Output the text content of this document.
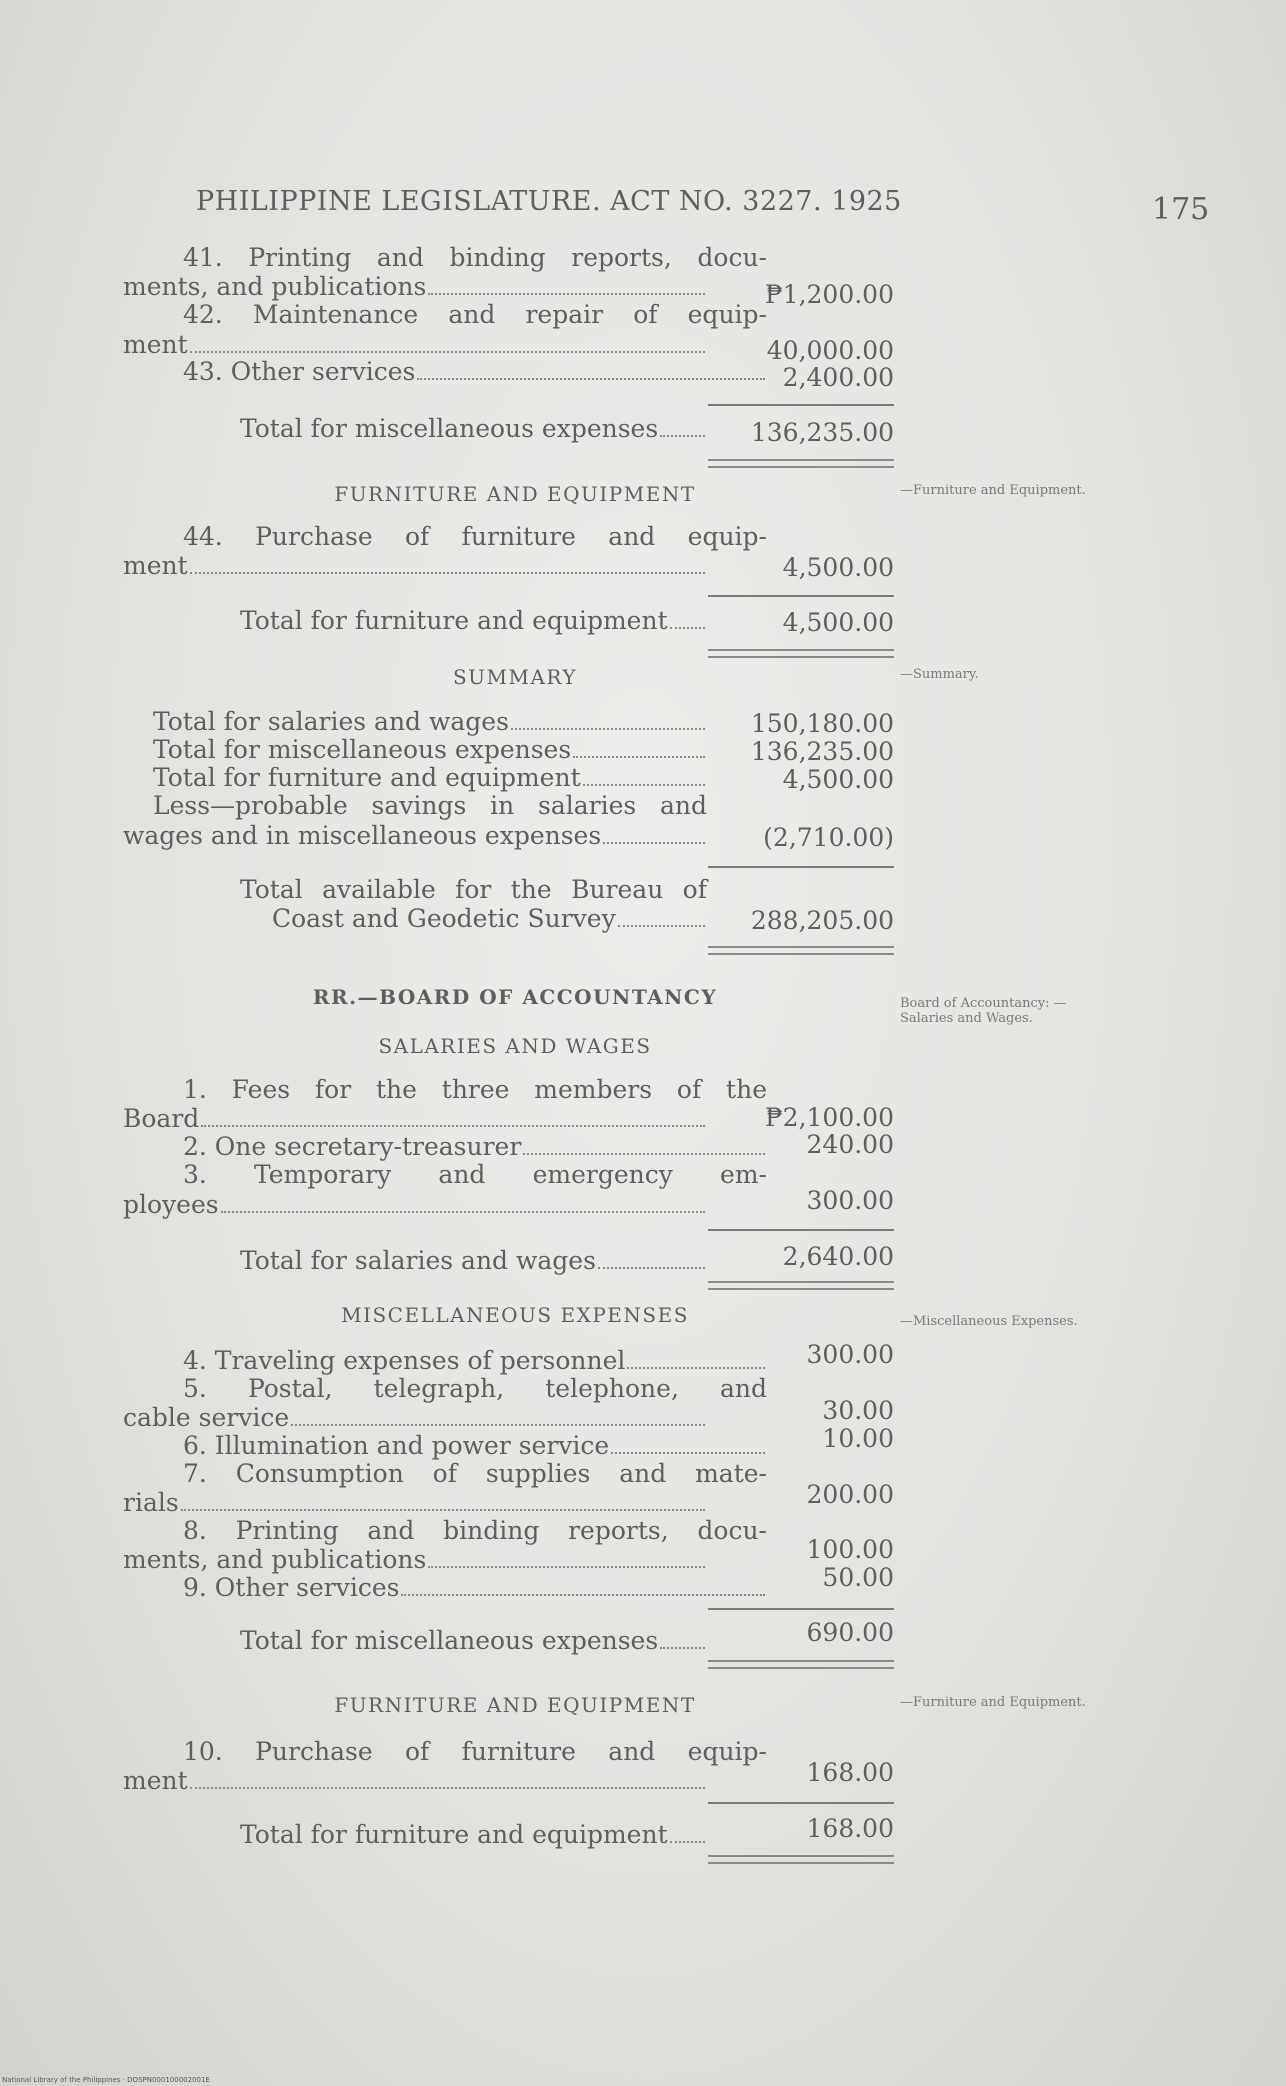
PHILIPPINE LEGISLATURE. ACT NO. 3227. 1925	175
41. Printing and binding reports, docu-
ments, and publications	₱1,200.00
42. Maintenance and repair of equip-
ment	40,000.00
43. Other services	2,400.00
Total for miscellaneous expenses	136,235.00
FURNITURE AND EQUIPMENT	—Furniture and Equipment.
44. Purchase of furniture and equip-
ment	4,500.00
Total for furniture and equipment	4,500.00
SUMMARY	—Summary.
Total for salaries and wages	150,180.00
Total for miscellaneous expenses	136,235.00
Total for furniture and equipment	4,500.00
Less—probable savings in salaries and
wages and in miscellaneous expenses	(2,710.00)
Total available for the Bureau of
Coast and Geodetic Survey	288,205.00
RR.—BOARD OF ACCOUNTANCY	Board of Accountancy: —Salaries and Wages.
SALARIES AND WAGES
1. Fees for the three members of the
Board	₱2,100.00
2. One secretary-treasurer	240.00
3. Temporary and emergency em-
ployees	300.00
Total for salaries and wages	2,640.00
MISCELLANEOUS EXPENSES	—Miscellaneous Expenses.
4. Traveling expenses of personnel	300.00
5. Postal, telegraph, telephone, and
cable service	30.00
6. Illumination and power service	10.00
7. Consumption of supplies and mate-
rials	200.00
8. Printing and binding reports, docu-
ments, and publications	100.00
9. Other services	50.00
Total for miscellaneous expenses	690.00
FURNITURE AND EQUIPMENT	—Furniture and Equipment.
10. Purchase of furniture and equip-
ment	168.00
Total for furniture and equipment	168.00
National Library of the Philippines · DOSPN000100002001E
